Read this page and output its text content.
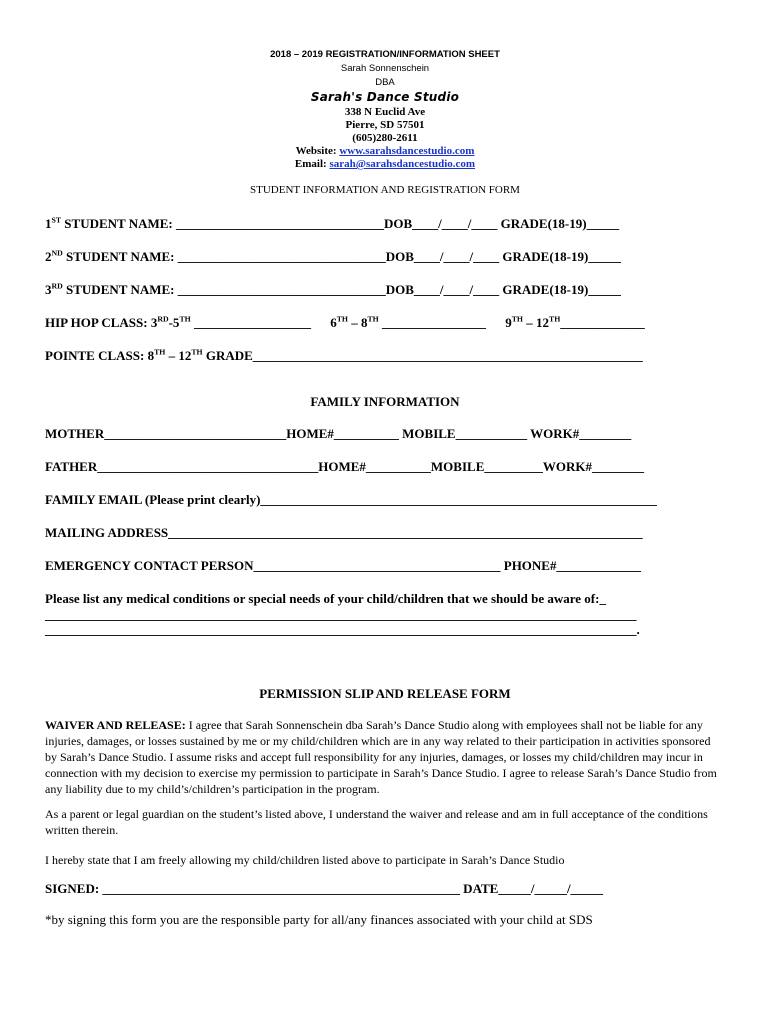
2018 – 2019 REGISTRATION/INFORMATION SHEET
Sarah Sonnenschein
DBA
Sarah's Dance Studio
338 N Euclid Ave
Pierre, SD 57501
(605)280-2611
Website: www.sarahsdancestudio.com
Email: sarah@sarahsdancestudio.com
STUDENT INFORMATION AND REGISTRATION FORM
1ST STUDENT NAME: ________________________________DOB____/____/____ GRADE(18-19)_____
2ND STUDENT NAME: ________________________________DOB____/____/____ GRADE(18-19)_____
3RD STUDENT NAME: ________________________________DOB____/____/____ GRADE(18-19)_____
HIP HOP CLASS: 3RD-5TH __________________ 6TH – 8TH ________________ 9TH – 12TH_____________
POINTE CLASS: 8TH – 12TH GRADE____________________________________________________________
FAMILY INFORMATION
MOTHER____________________________HOME#__________ MOBILE___________ WORK#________
FATHER__________________________________HOME#__________MOBILE_________WORK#________
FAMILY EMAIL (Please print clearly)_____________________________________________________________
MAILING ADDRESS_________________________________________________________________________
EMERGENCY CONTACT PERSON______________________________________ PHONE#_____________
Please list any medical conditions or special needs of your child/children that we should be aware of:_
___________________________________________________________________________________________
___________________________________________________________________________________________.
PERMISSION SLIP AND RELEASE FORM
WAIVER AND RELEASE: I agree that Sarah Sonnenschein dba Sarah’s Dance Studio along with employees shall not be liable for any injuries, damages, or losses sustained by me or my child/children which are in any way related to their participation in activities sponsored by Sarah’s Dance Studio. I assume risks and accept full responsibility for any injuries, damages, or losses my child/children may incur in connection with my decision to exercise my permission to participate in Sarah’s Dance Studio. I agree to release Sarah’s Dance Studio from any liability due to my child’s/children’s participation in the program.
As a parent or legal guardian on the student’s listed above, I understand the waiver and release and am in full acceptance of the conditions written therein.
I hereby state that I am freely allowing my child/children listed above to participate in Sarah’s Dance Studio
SIGNED: _______________________________________________________ DATE_____/_____/_____
*by signing this form you are the responsible party for all/any finances associated with your child at SDS
